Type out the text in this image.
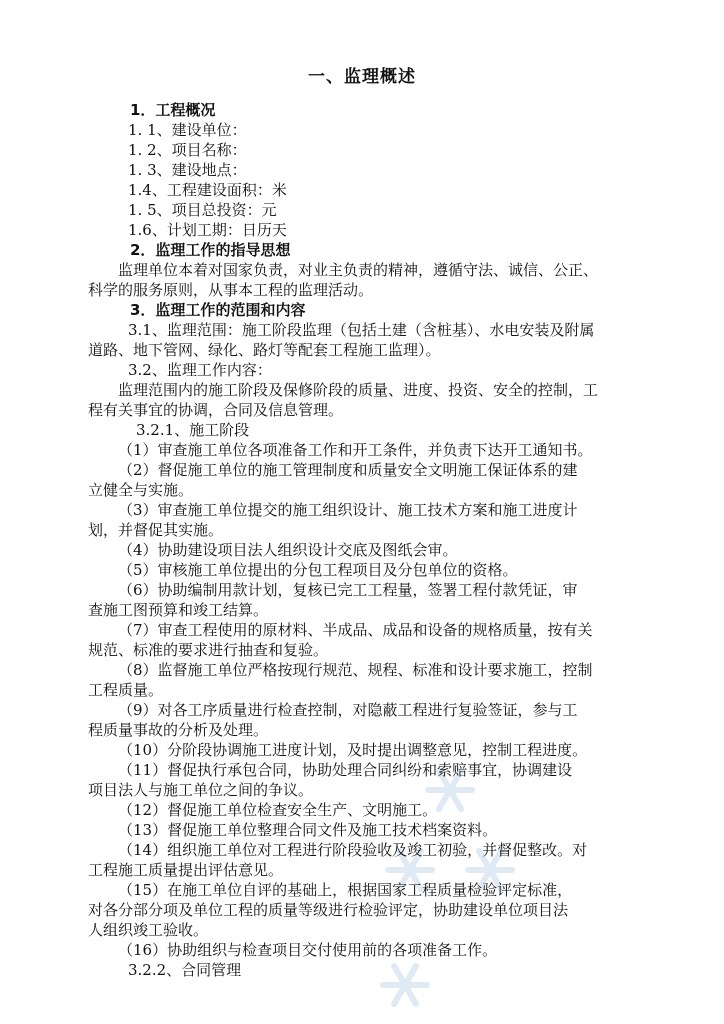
一、监理概述
1．工程概况
1. 1、建设单位：
1. 2、项目名称：
1. 3、建设地点：
1.4、工程建设面积：米
1. 5、项目总投资：元
1.6、计划工期：日历天
2．监理工作的指导思想
监理单位本着对国家负责，对业主负责的精神，遵循守法、诚信、公正、
科学的服务原则，从事本工程的监理活动。
3．监理工作的范围和内容
3.1、监理范围：施工阶段监理（包括土建（含桩基）、水电安装及附属
道路、地下管网、绿化、路灯等配套工程施工监理）。
3.2、监理工作内容：
监理范围内的施工阶段及保修阶段的质量、进度、投资、安全的控制，工
程有关事宜的协调，合同及信息管理。
3.2.1、施工阶段
（1）审查施工单位各项准备工作和开工条件，并负责下达开工通知书。
（2）督促施工单位的施工管理制度和质量安全文明施工保证体系的建
立健全与实施。
（3）审查施工单位提交的施工组织设计、施工技术方案和施工进度计
划，并督促其实施。
（4）协助建设项目法人组织设计交底及图纸会审。
（5）审核施工单位提出的分包工程项目及分包单位的资格。
（6）协助编制用款计划，复核已完工工程量，签署工程付款凭证，审
查施工图预算和竣工结算。
（7）审查工程使用的原材料、半成品、成品和设备的规格质量，按有关
规范、标准的要求进行抽查和复验。
（8）监督施工单位严格按现行规范、规程、标准和设计要求施工，控制
工程质量。
（9）对各工序质量进行检查控制，对隐蔽工程进行复验签证，参与工
程质量事故的分析及处理。
（10）分阶段协调施工进度计划，及时提出调整意见，控制工程进度。
（11）督促执行承包合同，协助处理合同纠纷和索赔事宜，协调建设
项目法人与施工单位之间的争议。
（12）督促施工单位检查安全生产、文明施工。
（13）督促施工单位整理合同文件及施工技术档案资料。
（14）组织施工单位对工程进行阶段验收及竣工初验，并督促整改。对
工程施工质量提出评估意见。
（15）在施工单位自评的基础上，根据国家工程质量检验评定标准，
对各分部分项及单位工程的质量等级进行检验评定，协助建设单位项目法
人组织竣工验收。
（16）协助组织与检查项目交付使用前的各项准备工作。
3.2.2、合同管理
